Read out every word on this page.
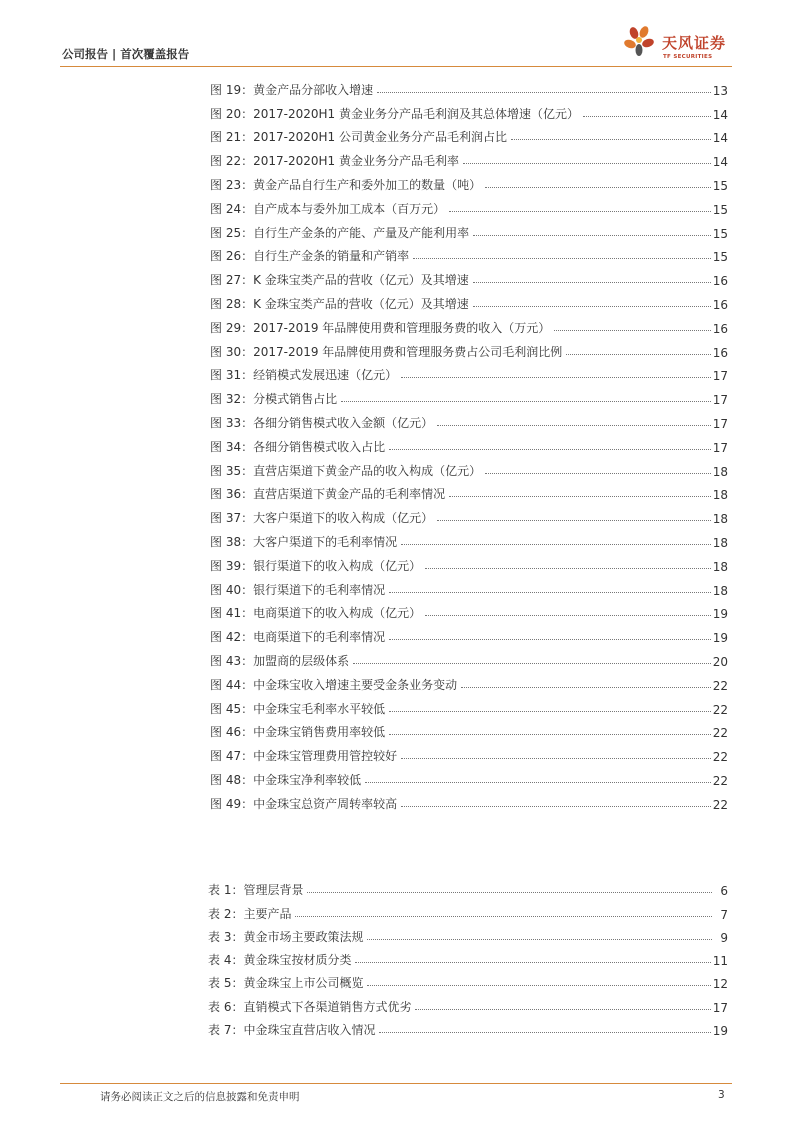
公司报告 | 首次覆盖报告
天风证券
TF SECURITIES
图 19：黄金产品分部收入增速	13
图 20：2017-2020H1 黄金业务分产品毛利润及其总体增速（亿元）	14
图 21：2017-2020H1 公司黄金业务分产品毛利润占比	14
图 22：2017-2020H1 黄金业务分产品毛利率	14
图 23：黄金产品自行生产和委外加工的数量（吨）	15
图 24：自产成本与委外加工成本（百万元）	15
图 25：自行生产金条的产能、产量及产能利用率	15
图 26：自行生产金条的销量和产销率	15
图 27：K 金珠宝类产品的营收（亿元）及其增速	16
图 28：K 金珠宝类产品的营收（亿元）及其增速	16
图 29：2017-2019 年品牌使用费和管理服务费的收入（万元）	16
图 30：2017-2019 年品牌使用费和管理服务费占公司毛利润比例	16
图 31：经销模式发展迅速（亿元）	17
图 32：分模式销售占比	17
图 33：各细分销售模式收入金额（亿元）	17
图 34：各细分销售模式收入占比	17
图 35：直营店渠道下黄金产品的收入构成（亿元）	18
图 36：直营店渠道下黄金产品的毛利率情况	18
图 37：大客户渠道下的收入构成（亿元）	18
图 38：大客户渠道下的毛利率情况	18
图 39：银行渠道下的收入构成（亿元）	18
图 40：银行渠道下的毛利率情况	18
图 41：电商渠道下的收入构成（亿元）	19
图 42：电商渠道下的毛利率情况	19
图 43：加盟商的层级体系	20
图 44：中金珠宝收入增速主要受金条业务变动	22
图 45：中金珠宝毛利率水平较低	22
图 46：中金珠宝销售费用率较低	22
图 47：中金珠宝管理费用管控较好	22
图 48：中金珠宝净利率较低	22
图 49：中金珠宝总资产周转率较高	22
表 1：管理层背景	6
表 2：主要产品	7
表 3：黄金市场主要政策法规	9
表 4：黄金珠宝按材质分类	11
表 5：黄金珠宝上市公司概览	12
表 6：直销模式下各渠道销售方式优劣	17
表 7：中金珠宝直营店收入情况	19
请务必阅读正文之后的信息披露和免责申明	3
